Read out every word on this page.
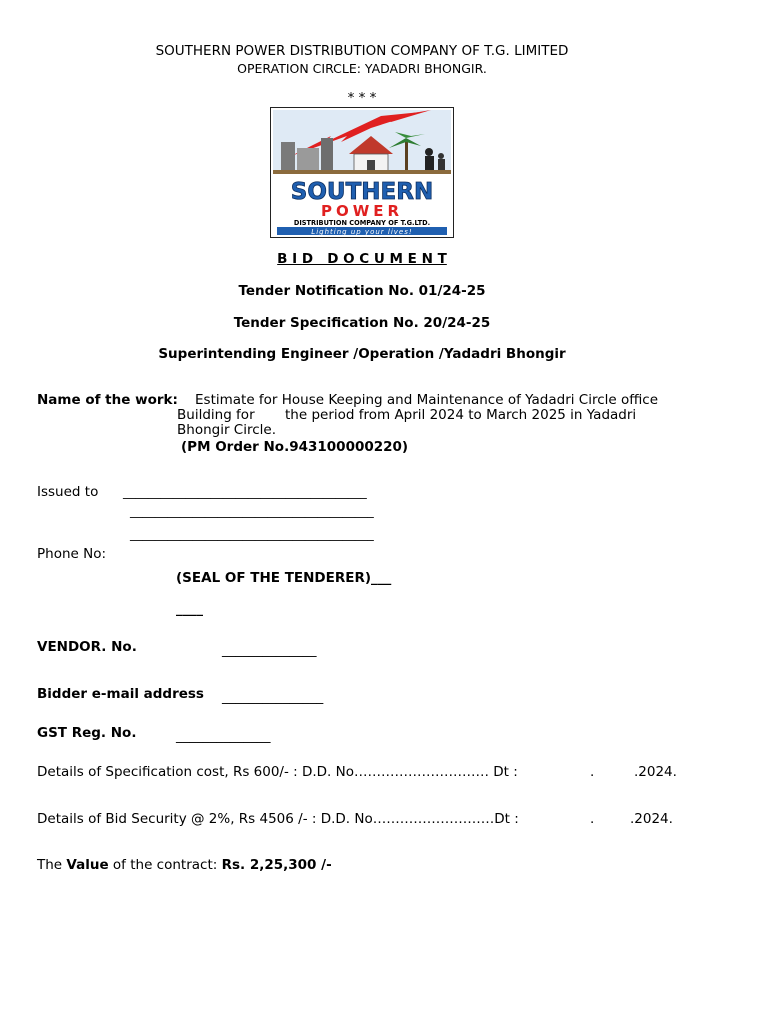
SOUTHERN POWER DISTRIBUTION COMPANY OF T.G. LIMITED
OPERATION CIRCLE: YADADRI BHONGIR.
* * *
SOUTHERN
POWER
DISTRIBUTION COMPANY OF T.G.LTD.
Lighting up your lives!
B I D   D O C U M E N T
Tender Notification No. 01/24-25
Tender Specification No. 20/24-25
Superintending Engineer /Operation /Yadadri Bhongir
Name of the work: Estimate for House Keeping and Maintenance of Yadadri Circle office
Building for the period from April 2024 to March 2025 in Yadadri
Bhongir Circle.
(PM Order No.943100000220)
Issued to _______________________________________
_______________________________________
_______________________________________
Phone No:
(SEAL OF THE TENDERER)___
____
VENDOR. No.	______________
Bidder e-mail address _______________
GST Reg. No.	______________
Details of Specification cost, Rs 600/- : D.D. No………………………… Dt :	.	.2024.
Details of Bid Security @ 2%, Rs 4506 /- : D.D. No………………………Dt :	.	.2024.
The Value of the contract: Rs. 2,25,300 /-
